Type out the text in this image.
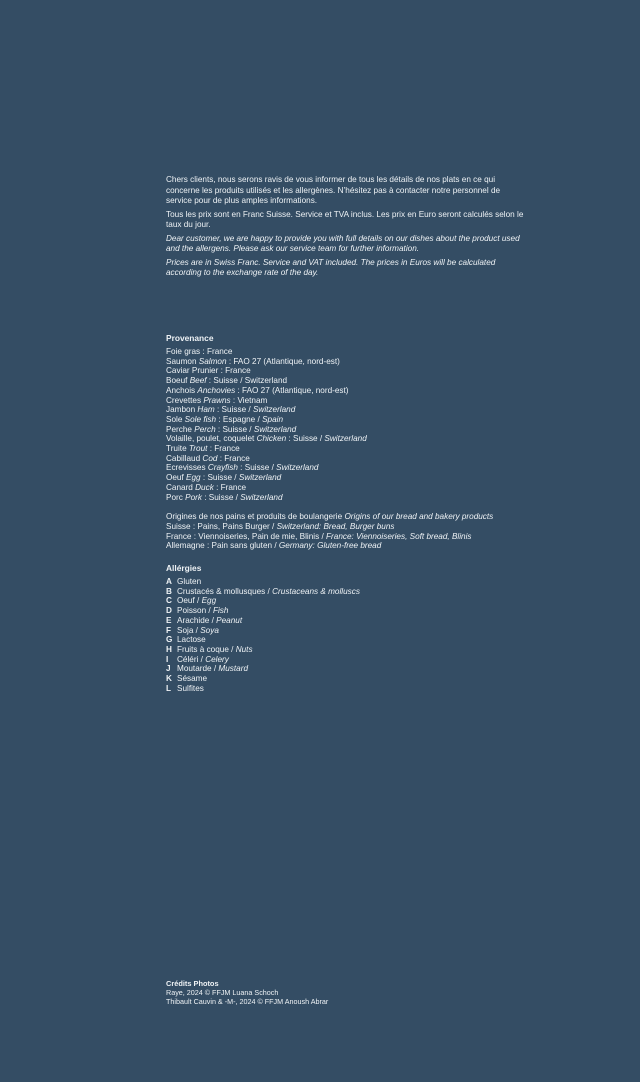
Chers clients, nous serons ravis de vous informer de tous les détails de nos plats en ce qui concerne les produits utilisés et les allergènes. N’hésitez pas à contacter notre personnel de service pour de plus amples informations.

Tous les prix sont en Franc Suisse. Service et TVA inclus. Les prix en Euro seront calculés selon le taux du jour.

Dear customer, we are happy to provide you with full details on our dishes about the product used and the allergens. Please ask our service team for further information.

Prices are in Swiss Franc. Service and VAT included. The prices in Euros will be calculated according to the exchange rate of the day.

Provenance
Foie gras : France
Saumon Salmon : FAO 27 (Atlantique, nord-est)
Caviar Prunier : France
Boeuf Beef : Suisse / Switzerland
Anchois Anchovies : FAO 27 (Atlantique, nord-est)
Crevettes Prawns : Vietnam
Jambon Ham : Suisse / Switzerland
Sole Sole fish : Espagne / Spain
Perche Perch : Suisse / Switzerland
Volaille, poulet, coquelet Chicken : Suisse / Switzerland
Truite Trout : France
Cabillaud Cod : France
Ecrevisses Crayfish : Suisse / Switzerland
Oeuf Egg : Suisse / Switzerland
Canard Duck : France
Porc Pork : Suisse / Switzerland
Origines de nos pains et produits de boulangerie Origins of our bread and bakery products
Suisse : Pains, Pains Burger / Switzerland: Bread, Burger buns
France : Viennoiseries, Pain de mie, Blinis / France: Viennoiseries, Soft bread, Blinis
Allemagne : Pain sans gluten / Germany: Gluten-free bread
Allérgies
A Gluten
B Crustacés & mollusques / Crustaceans & molluscs
C Oeuf / Egg
D Poisson / Fish
E Arachide / Peanut
F Soja / Soya
G Lactose
H Fruits à coque / Nuts
I Céléri / Celery
J Moutarde / Mustard
K Sésame
L Sulfites
Crédits Photos
Raye, 2024 © FFJM Luana Schoch
Thibault Cauvin & -M-, 2024 © FFJM Anoush Abrar
